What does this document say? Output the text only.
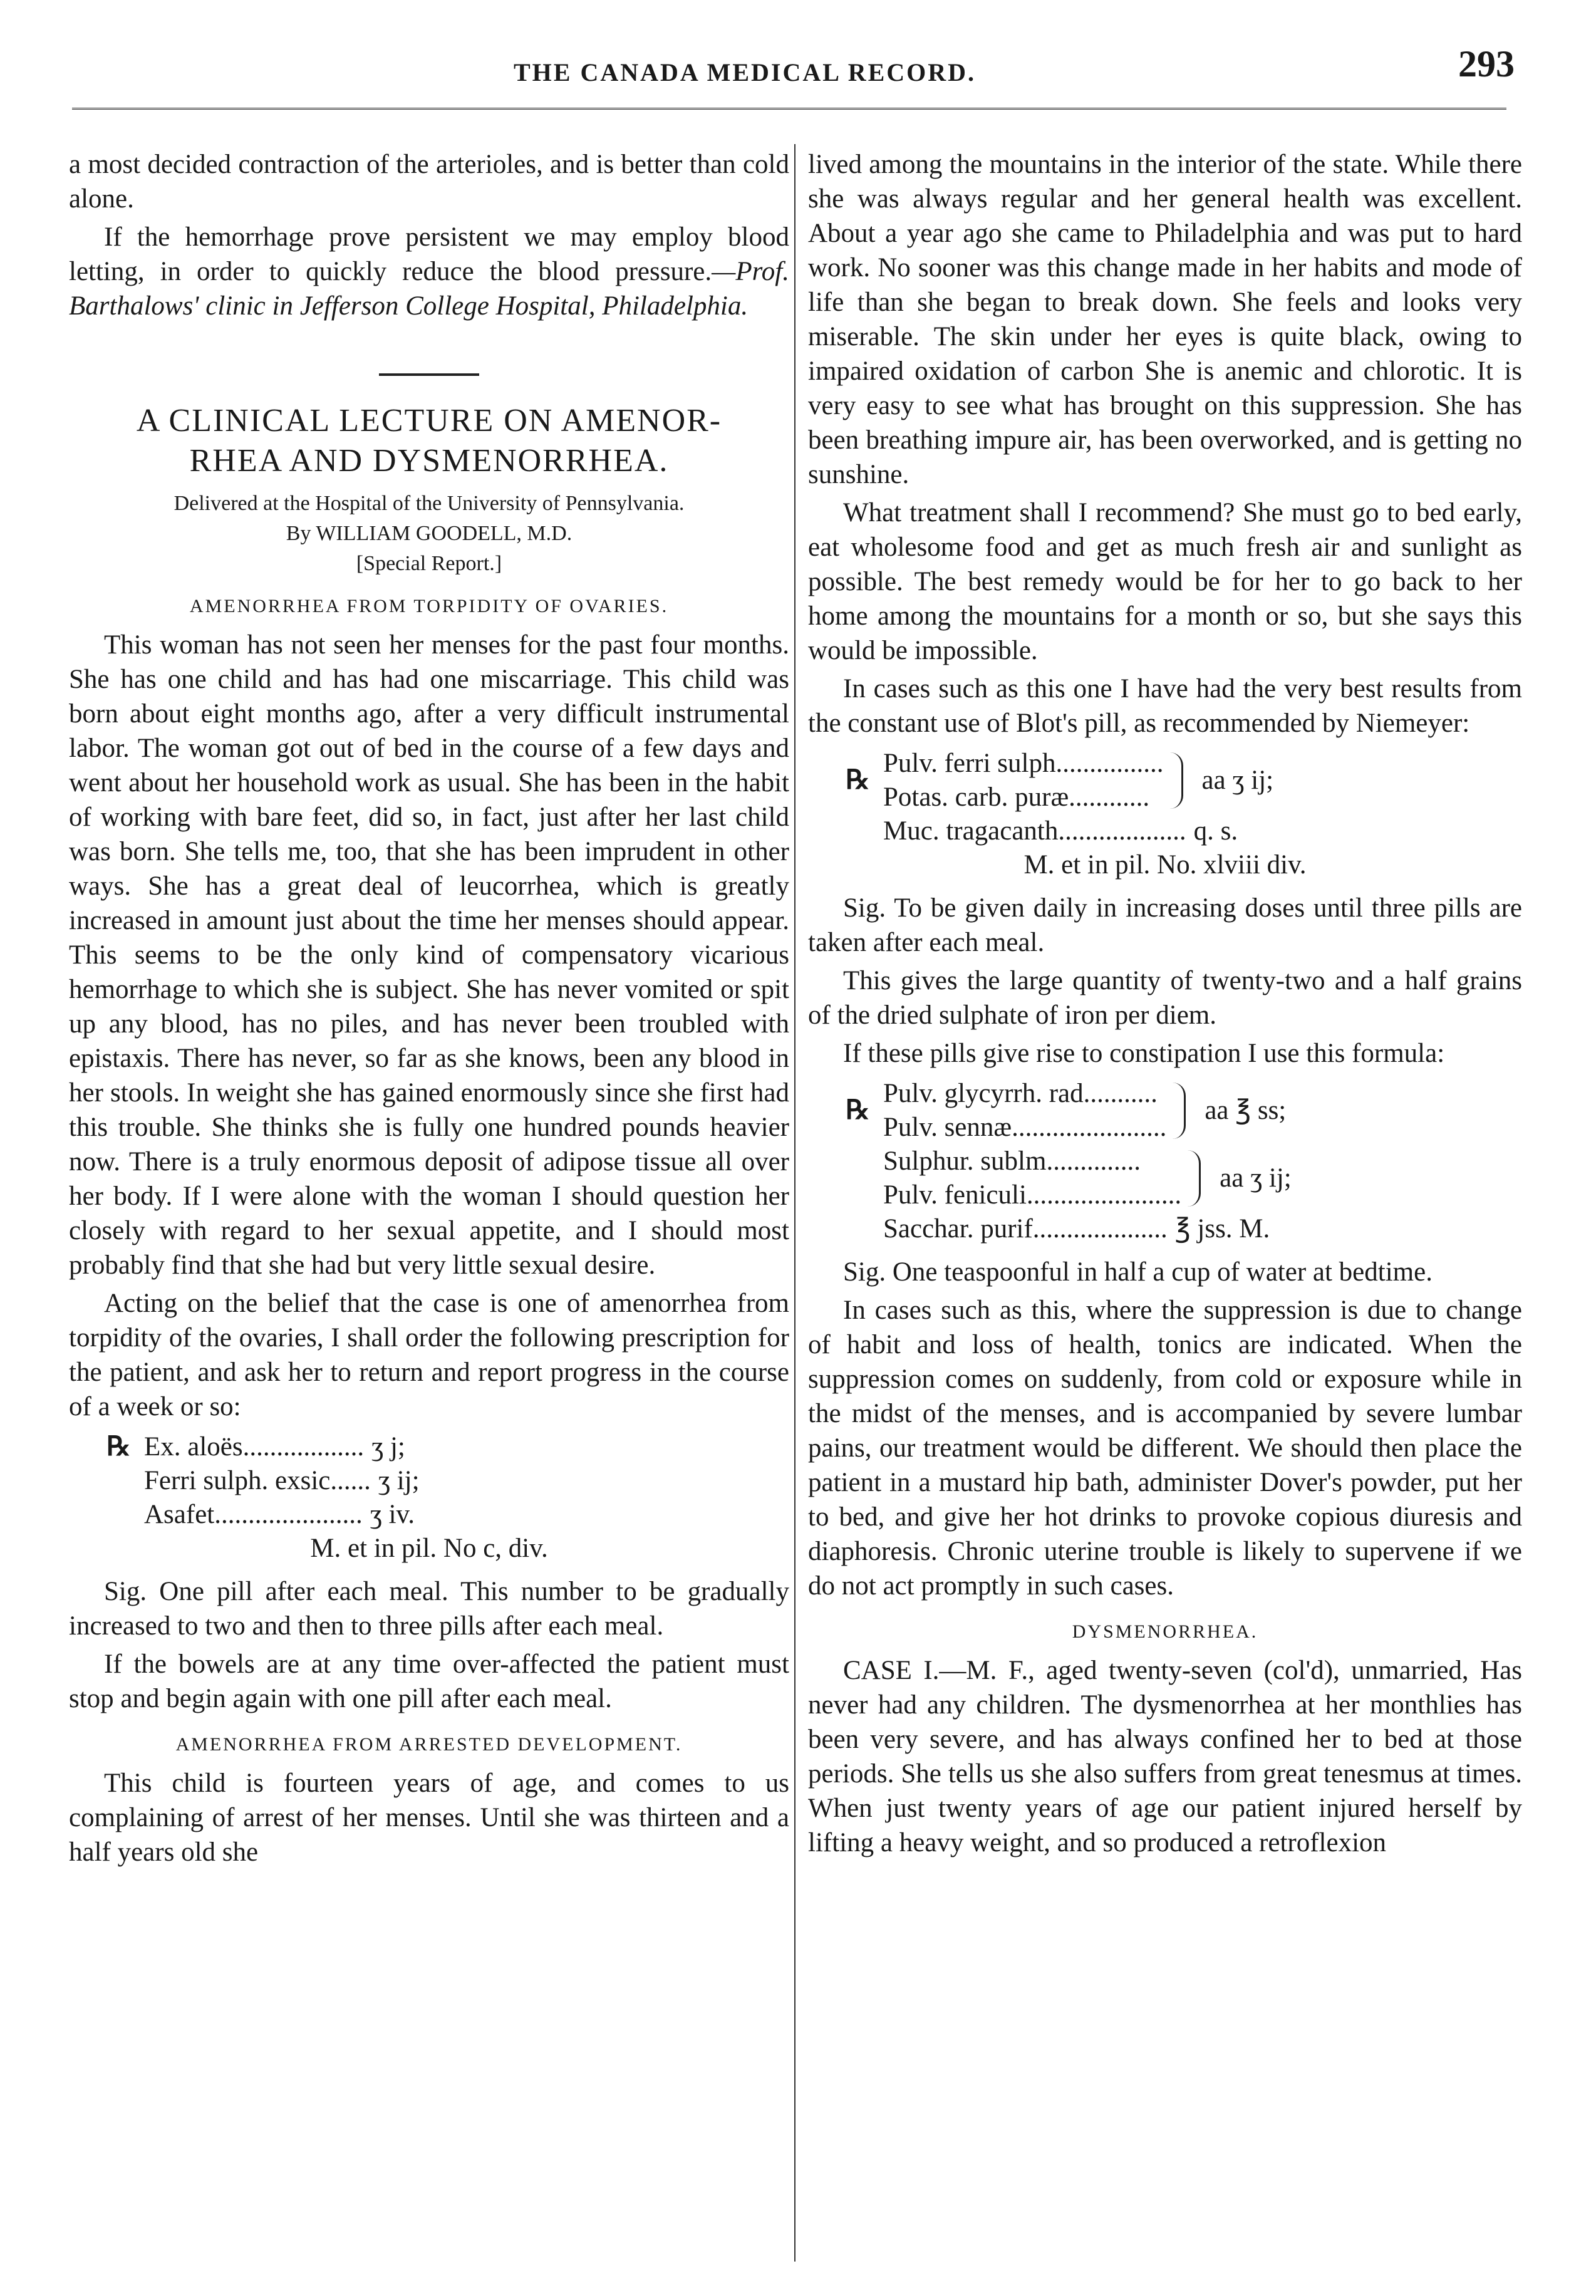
THE CANADA MEDICAL RECORD.	293

a most decided contraction of the arterioles, and is better than cold alone.

If the hemorrhage prove persistent we may employ blood letting, in order to quickly reduce the blood pressure.—Prof. Barthalows' clinic in Jefferson College Hospital, Philadelphia.

A CLINICAL LECTURE ON AMENOR-
RHEA AND DYSMENORRHEA.
Delivered at the Hospital of the University of Pennsylvania.
By WILLIAM GOODELL, M.D.
[Special Report.]
AMENORRHEA FROM TORPIDITY OF OVARIES.

This woman has not seen her menses for the past four months. She has one child and has had one miscarriage. This child was born about eight months ago, after a very difficult instrumental labor. The woman got out of bed in the course of a few days and went about her household work as usual. She has been in the habit of working with bare feet, did so, in fact, just after her last child was born. She tells me, too, that she has been imprudent in other ways. She has a great deal of leucorrhea, which is greatly increased in amount just about the time her menses should appear. This seems to be the only kind of compensatory vicarious hemorrhage to which she is subject. She has never vomited or spit up any blood, has no piles, and has never been troubled with epistaxis. There has never, so far as she knows, been any blood in her stools. In weight she has gained enormously since she first had this trouble. She thinks she is fully one hundred pounds heavier now. There is a truly enormous deposit of adipose tissue all over her body. If I were alone with the woman I should question her closely with regard to her sexual appetite, and I should most probably find that she had but very little sexual desire.

Acting on the belief that the case is one of amenorrhea from torpidity of the ovaries, I shall order the following prescription for the patient, and ask her to return and report progress in the course of a week or so:

℞ Ex. aloës .................. ʒ j;
Ferri sulph. exsic ...... ʒ ij;
Asafet ...................... ʒ iv.
M. et in pil. No c, div.

Sig. One pill after each meal. This number to be gradually increased to two and then to three pills after each meal.

If the bowels are at any time over-affected the patient must stop and begin again with one pill after each meal.

AMENORRHEA FROM ARRESTED DEVELOPMENT.

This child is fourteen years of age, and comes to us complaining of arrest of her menses. Until she was thirteen and a half years old she

lived among the mountains in the interior of the state. While there she was always regular and her general health was excellent. About a year ago she came to Philadelphia and was put to hard work. No sooner was this change made in her habits and mode of life than she began to break down. She feels and looks very miserable. The skin under her eyes is quite black, owing to impaired oxidation of carbon She is anemic and chlorotic. It is very easy to see what has brought on this suppression. She has been breathing impure air, has been overworked, and is getting no sunshine.

What treatment shall I recommend? She must go to bed early, eat wholesome food and get as much fresh air and sunlight as possible. The best remedy would be for her to go back to her home among the mountains for a month or so, but she says this would be impossible.

In cases such as this one I have had the very best results from the constant use of Blot's pill, as recommended by Niemeyer:

℞
Pulv. ferri sulph ................
Potas. carb. puræ ............
aa ʒ ij;
Muc. tragacanth ................... q. s.
M. et in pil. No. xlviii div.

Sig. To be given daily in increasing doses until three pills are taken after each meal.

This gives the large quantity of twenty-two and a half grains of the dried sulphate of iron per diem.

If these pills give rise to constipation I use this formula:

℞
Pulv. glycyrrh. rad ...........
Pulv. sennæ .......................
aa ℥ ss;
Sulphur. sublm ..............
Pulv. feniculi .......................
aa ʒ ij;
Sacchar. purif .................... ℥ jss. M.

Sig. One teaspoonful in half a cup of water at bedtime.

In cases such as this, where the suppression is due to change of habit and loss of health, tonics are indicated. When the suppression comes on suddenly, from cold or exposure while in the midst of the menses, and is accompanied by severe lumbar pains, our treatment would be different. We should then place the patient in a mustard hip bath, administer Dover's powder, put her to bed, and give her hot drinks to provoke copious diuresis and diaphoresis. Chronic uterine trouble is likely to supervene if we do not act promptly in such cases.

DYSMENORRHEA.

CASE I.—M. F., aged twenty-seven (col'd), unmarried, Has never had any children. The dysmenorrhea at her monthlies has been very severe, and has always confined her to bed at those periods. She tells us she also suffers from great tenesmus at times. When just twenty years of age our patient injured herself by lifting a heavy weight, and so produced a retroflexion
